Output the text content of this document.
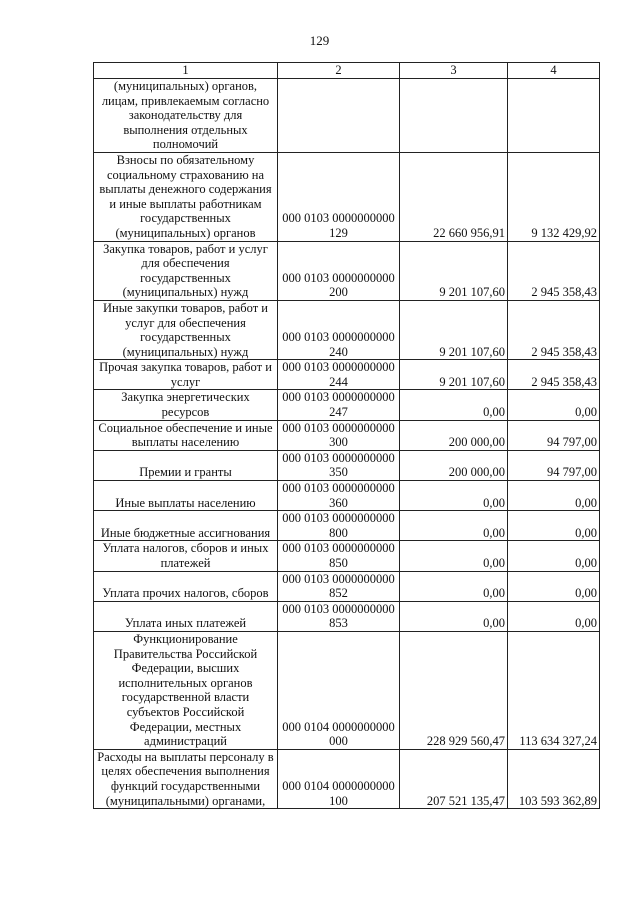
129
1	2	3	4
(муниципальных) органов, лицам, привлекаемым согласно законодательству для выполнения отдельных полномочий			
Взносы по обязательному социальному страхованию на выплаты денежного содержания и иные выплаты работникам государственных (муниципальных) органов	000 0103 0000000000 129	22 660 956,91	9 132 429,92
Закупка товаров, работ и услуг для обеспечения государственных (муниципальных) нужд	000 0103 0000000000 200	9 201 107,60	2 945 358,43
Иные закупки товаров, работ и услуг для обеспечения государственных (муниципальных) нужд	000 0103 0000000000 240	9 201 107,60	2 945 358,43
Прочая закупка товаров, работ и услуг	000 0103 0000000000 244	9 201 107,60	2 945 358,43
Закупка энергетических ресурсов	000 0103 0000000000 247	0,00	0,00
Социальное обеспечение и иные выплаты населению	000 0103 0000000000 300	200 000,00	94 797,00
Премии и гранты	000 0103 0000000000 350	200 000,00	94 797,00
Иные выплаты населению	000 0103 0000000000 360	0,00	0,00
Иные бюджетные ассигнования	000 0103 0000000000 800	0,00	0,00
Уплата налогов, сборов и иных платежей	000 0103 0000000000 850	0,00	0,00
Уплата прочих налогов, сборов	000 0103 0000000000 852	0,00	0,00
Уплата иных платежей	000 0103 0000000000 853	0,00	0,00
Функционирование Правительства Российской Федерации, высших исполнительных органов государственной власти субъектов Российской Федерации, местных администраций	000 0104 0000000000 000	228 929 560,47	113 634 327,24
Расходы на выплаты персоналу в целях обеспечения выполнения функций государственными (муниципальными) органами,	000 0104 0000000000 100	207 521 135,47	103 593 362,89
